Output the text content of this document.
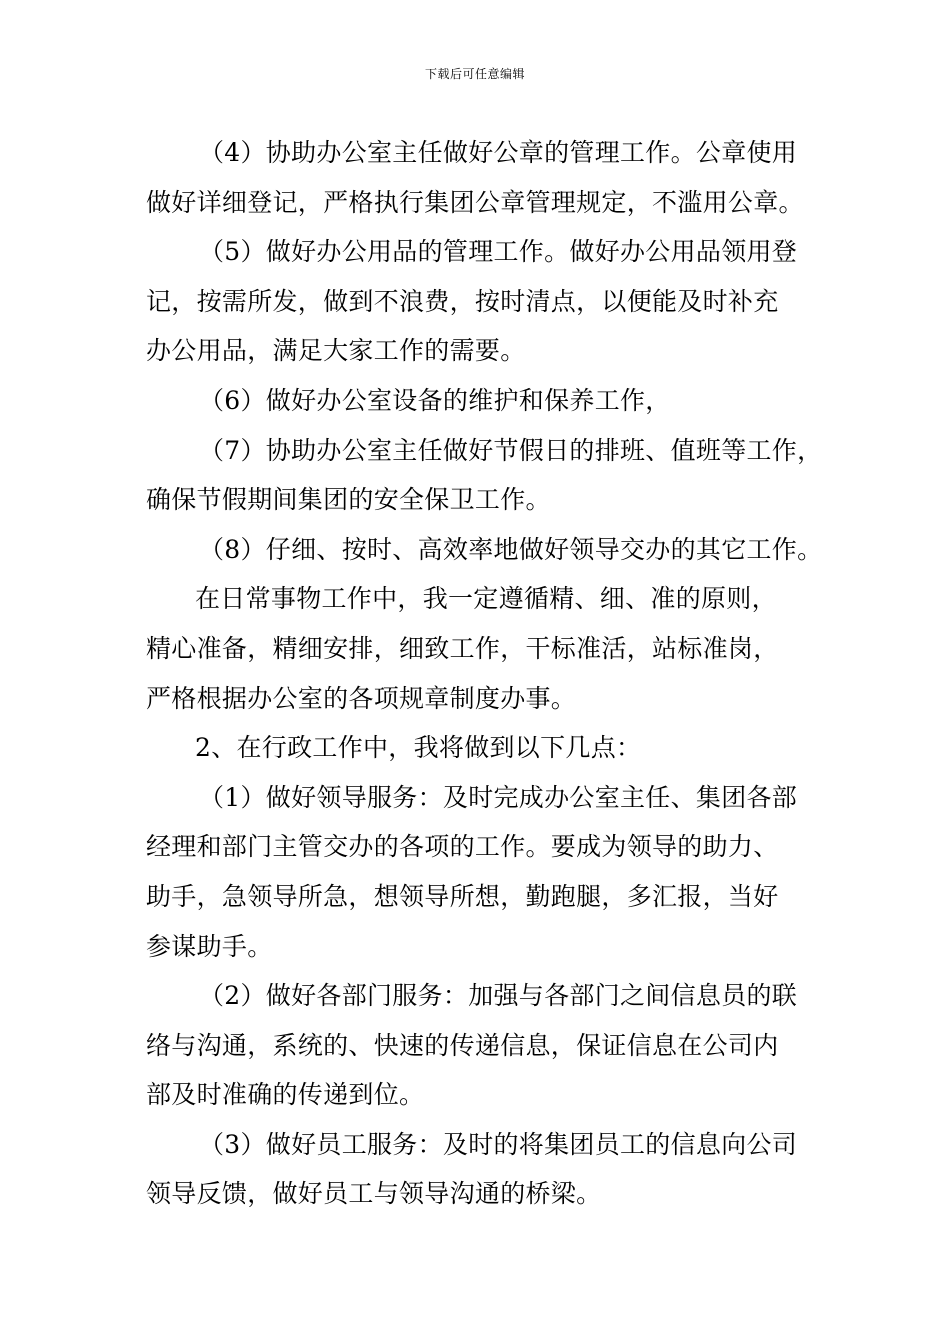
下载后可任意编辑
（4）协助办公室主任做好公章的管理工作。公章使用
做好详细登记，严格执行集团公章管理规定，不滥用公章。
（5）做好办公用品的管理工作。做好办公用品领用登
记，按需所发，做到不浪费，按时清点，以便能及时补充
办公用品，满足大家工作的需要。
（6）做好办公室设备的维护和保养工作，
（7）协助办公室主任做好节假日的排班、值班等工作，
确保节假期间集团的安全保卫工作。
（8）仔细、按时、高效率地做好领导交办的其它工作。
在日常事物工作中，我一定遵循精、细、准的原则，
精心准备，精细安排，细致工作，干标准活，站标准岗，
严格根据办公室的各项规章制度办事。
2、在行政工作中，我将做到以下几点：
（1）做好领导服务：及时完成办公室主任、集团各部
经理和部门主管交办的各项的工作。要成为领导的助力、
助手，急领导所急，想领导所想，勤跑腿，多汇报，当好
参谋助手。
（2）做好各部门服务：加强与各部门之间信息员的联
络与沟通，系统的、快速的传递信息，保证信息在公司内
部及时准确的传递到位。
（3）做好员工服务：及时的将集团员工的信息向公司
领导反馈，做好员工与领导沟通的桥梁。
